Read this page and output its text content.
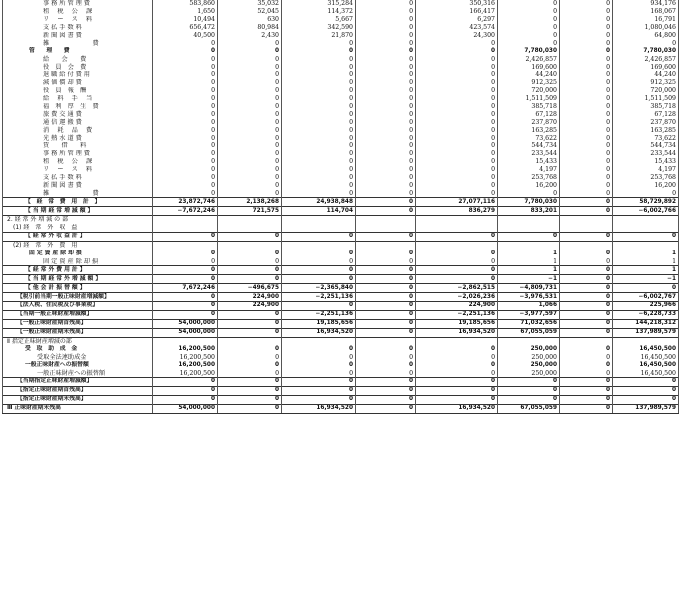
事 務 所 管 理 費	583,860	35,032	315,284	0	350,316	0	0	934,176
租　 税　 公　 課	1,650	52,045	114,372	0	166,417	0	0	168,067
リ　 ー　 ス　 料	10,494	630	5,667	0	6,297	0	0	16,791
支 払 手 数 料	656,472	80,984	342,590	0	423,574	0	0	1,080,046
新 聞 図 書 費	40,500	2,430	21,870	0	24,300	0	0	64,800
雑　　　　　　　費	0	0	0	0	0	0	0	0
管　　理　　費	0	0	0	0	0	7,780,030	0	7,780,030
給　　会　　費	0	0	0	0	0	2,426,857	0	2,426,857
役　員　会　費	0	0	0	0	0	169,600	0	169,600
退 職 給 付 費 用	0	0	0	0	0	44,240	0	44,240
減 価 償 却 費	0	0	0	0	0	912,325	0	912,325
役　員　報　酬	0	0	0	0	0	720,000	0	720,000
給　 料　 手　 当	0	0	0	0	0	1,511,509	0	1,511,509
福　利　厚　生　費	0	0	0	0	0	385,718	0	385,718
旅 費 交 通 費	0	0	0	0	0	67,128	0	67,128
通 信 運 搬 費	0	0	0	0	0	237,870	0	237,870
消　 耗　 品　 費	0	0	0	0	0	163,285	0	163,285
光 熱 水 道 費	0	0	0	0	0	73,622	0	73,622
賃　　借　　料	0	0	0	0	0	544,734	0	544,734
事 務 所 管 理 費	0	0	0	0	0	233,544	0	233,544
租　 税　 公　 課	0	0	0	0	0	15,433	0	15,433
リ　 ー　 ス　 料	0	0	0	0	0	4,197	0	4,197
支 払 手 数 料	0	0	0	0	0	253,768	0	253,768
新 聞 図 書 費	0	0	0	0	0	16,200	0	16,200
雑　　　　　　　費	0	0	0	0	0	0	0	0
【　経　常　費　用　計　】	23,872,746	2,138,268	24,938,848	0	27,077,116	7,780,030	0	58,729,892
【 当 期 経 常 増 減 額 】	−7,672,246	721,575	114,704	0	836,279	833,201	0	−6,002,766
2. 経 常 外 増 減 の 部								
(1) 経　常　外　収　益								
【 経 常 外 収 益 計 】	0	0	0	0	0	0	0	0
(2) 経　常　外　費　用								
固 定 資 産 除 却 損	0	0	0	0	0	1	0	1
固 定 資 産 除 却 損	0	0	0	0	0	1	0	1
【 経 常 外 費 用 計 】	0	0	0	0	0	1	0	1
【 当 期 経 常 外 増 減 額 】	0	0	0	0	0	−1	0	−1
【 他 会 計 振 替 額 】	7,672,246	−496,675	−2,365,840	0	−2,862,515	−4,809,731	0	0
【税引前当期一般正味財産増減額】	0	224,900	−2,251,136	0	−2,026,236	−3,976,531	0	−6,002,767
【法人税、住民税及び事業税】	0	224,900	0	0	224,900	1,066	0	225,966
【当期一般正味財産増減額】	0	0	−2,251,136	0	−2,251,136	−3,977,597	0	−6,228,733
【一般正味財産期首残高】	54,000,000	0	19,185,656	0	19,185,656	71,032,656	0	144,218,312
【一般正味財産期末残高】	54,000,000	0	16,934,520	0	16,934,520	67,055,059	0	137,989,579
Ⅱ 指定正味財産増減の部								
受　取　助　成　金	16,200,500	0	0	0	0	250,000	0	16,450,500
受取全法連助成金	16,200,500	0	0	0	0	250,000	0	16,450,500
一般正味財産への振替額	16,200,500	0	0	0	0	250,000	0	16,450,500
一般正味財産への振替額	16,200,500	0	0	0	0	250,000	0	16,450,500
【当期指定正味財産増減額】	0	0	0	0	0	0	0	0
【指定正味財産期首残高】	0	0	0	0	0	0	0	0
【指定正味財産期末残高】	0	0	0	0	0	0	0	0
Ⅲ 正味財産期末残高	54,000,000	0	16,934,520	0	16,934,520	67,055,059	0	137,989,579
